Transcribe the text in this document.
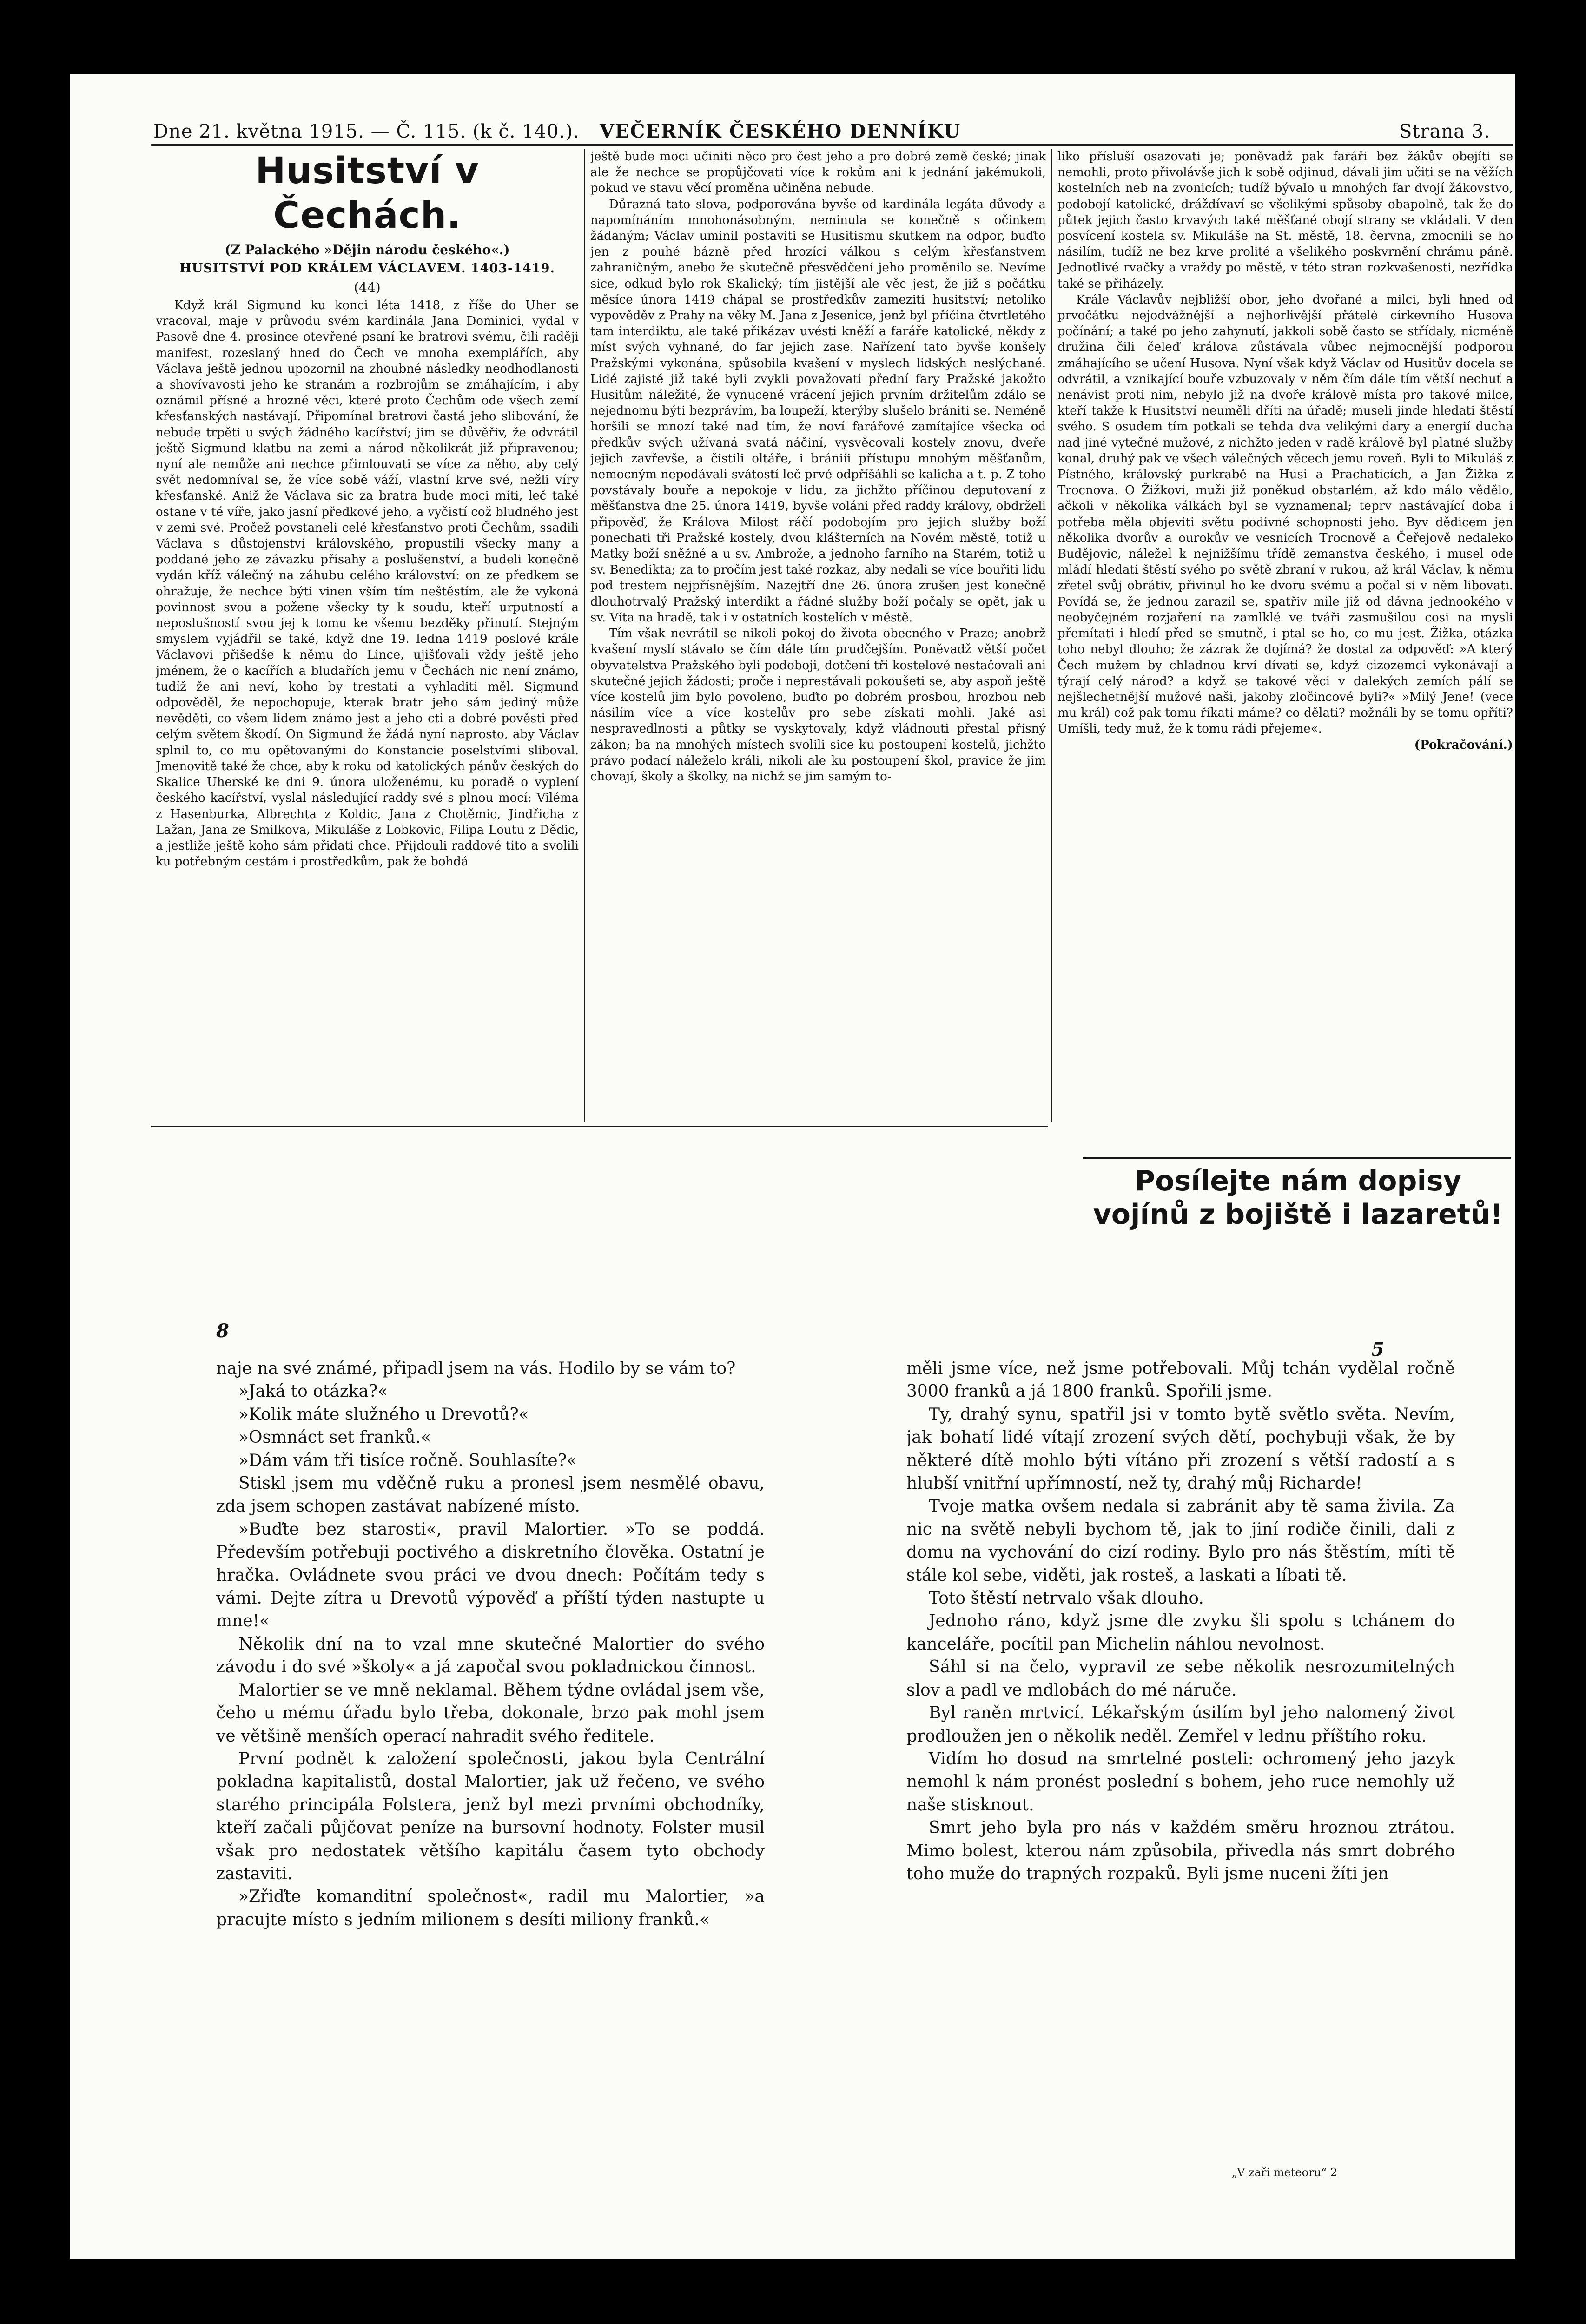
Dne 21. května 1915. — Č. 115. (k č. 140.). VEČERNÍK ČESKÉHO DENNÍKU	Strana 3.
Husitství v Čechách.

(Z Palackého »Dějin národu českého«.)

HUSITSTVÍ POD KRÁLEM VÁCLAVEM. 1403-1419.

(44)

Když král Sigmund ku konci léta 1418, z říše do Uher se vracoval, maje v průvodu svém kardinála Jana Dominici, vydal v Pasově dne 4. prosince otevřené psaní ke bratrovi svému, čili raději manifest, rozeslaný hned do Čech ve mnoha exemplářích, aby Václava ještě jednou upozornil na zhoubné následky neodhodlanosti a shovívavosti jeho ke stranám a rozbrojům se zmáhajícím, i aby oznámil přísné a hrozné věci, které proto Čechům ode všech zemí křesťanských nastávají. Připomínal bratrovi častá jeho slibování, že nebude trpěti u svých žádného kacířství; jim se důvěřiv, že odvrátil ještě Sigmund klatbu na zemi a národ několikrát již připravenou; nyní ale nemůže ani nechce přimlouvati se více za něho, aby celý svět nedomníval se, že více sobě váží, vlastní krve své, nežli víry křesťanské. Aniž že Václava sic za bratra bude moci míti, leč také ostane v té víře, jako jasní předkové jeho, a vyčistí což bludného jest v zemi své. Pročež povstaneli celé křesťanstvo proti Čechům, ssadili Václava s důstojenství královského, propustili všecky many a poddané jeho ze závazku přísahy a poslušenství, a budeli konečně vydán kříž válečný na záhubu celého království: on ze předkem se ohražuje, že nechce býti vinen vším tím neštěstím, ale že vykoná povinnost svou a požene všecky ty k soudu, kteří urputností a neposlušností svou jej k tomu ke všemu bezděky přinutí. Stejným smyslem vyjádřil se také, když dne 19. ledna 1419 poslové krále Václavovi přišedše k němu do Lince, ujišťovali vždy ještě jeho jménem, že o kacířích a bludařích jemu v Čechách nic není známo, tudíž že ani neví, koho by trestati a vyhladiti měl. Sigmund odpověděl, že nepochopuje, kterak bratr jeho sám jediný může nevěděti, co všem lidem známo jest a jeho cti a dobré pověsti před celým světem škodí. On Sigmund že žádá nyní naprosto, aby Václav splnil to, co mu opětovanými do Konstancie poselstvími sliboval. Jmenovitě také že chce, aby k roku od katolických pánův českých do Skalice Uherské ke dni 9. února uloženému, ku poradě o vyplení českého kacířství, vyslal následující raddy své s plnou mocí: Viléma z Hasenburka, Albrechta z Koldic, Jana z Chotěmic, Jindřicha z Lažan, Jana ze Smilkova, Mikuláše z Lobkovic, Filipa Loutu z Dědic, a jestliže ještě koho sám přidati chce. Přijdouli raddové tito a svolili ku potřebným cestám i prostředkům, pak že bohdá

ještě bude moci učiniti něco pro čest jeho a pro dobré země české; jinak ale že nechce se propůjčovati více k rokům ani k jednání jakémukoli, pokud ve stavu věcí proměna učiněna nebude.

Důrazná tato slova, podporována byvše od kardinála legáta důvody a napomínáním mnohonásobným, neminula se konečně s očinkem žádaným; Václav uminil postaviti se Husitismu skutkem na odpor, buďto jen z pouhé bázně před hrozící válkou s celým křesťanstvem zahraničným, anebo že skutečně přesvědčení jeho proměnilo se. Nevíme sice, odkud bylo rok Skalický; tím jistější ale věc jest, že již s počátku měsíce února 1419 chápal se prostředkův zameziti husitství; netoliko vypověděv z Prahy na věky M. Jana z Jesenice, jenž byl příčina čtvrtletého tam interdiktu, ale také přikázav uvésti kněží a faráře katolické, někdy z míst svých vyhnané, do far jejich zase. Nařízení tato byvše konšely Pražskými vykonána, spůsobila kvašení v myslech lidských neslýchané. Lidé zajisté již také byli zvykli považovati přední fary Pražské jakožto Husitům náležité, že vynucené vrácení jejich prvním držitelům zdálo se nejednomu býti bezprávím, ba loupeží, kterýby slušelo brániti se. Neméně horšili se mnozí také nad tím, že noví farářové zamítajíce všecka od předkův svých užívaná svatá náčiní, vysvěcovali kostely znovu, dveře jejich zavřevše, a čistili oltáře, i brániíi přístupu mnohým měšťanům, nemocným nepodávali svátostí leč prvé odpříšáhli se kalicha a t. p. Z toho povstávaly bouře a nepokoje v lidu, za jichžto příčinou deputovaní z měšťanstva dne 25. února 1419, byvše voláni před raddy královy, obdrželi připověď, že Králova Milost ráčí podobojím pro jejich služby boží ponechati tři Pražské kostely, dvou klášterních na Novém městě, totiž u Matky boží sněžné a u sv. Ambrože, a jednoho farního na Starém, totiž u sv. Benedikta; za to pročím jest také rozkaz, aby nedali se více bouřiti lidu pod trestem nejpřísnějším. Nazejtří dne 26. února zrušen jest konečně dlouhotrvalý Pražský interdikt a řádné služby boží počaly se opět, jak u sv. Víta na hradě, tak i v ostatních kostelích v městě.

Tím však nevrátil se nikoli pokoj do života obecného v Praze; anobrž kvašení myslí stávalo se čím dále tím prudčejším. Poněvadž větší počet obyvatelstva Pražského byli podoboji, dotčení tři kostelové nestačovali ani skutečné jejich žádosti; proče i neprestávali pokoušeti se, aby aspoň ještě více kostelů jim bylo povoleno, buďto po dobrém prosbou, hrozbou neb násilím více a více kostelův pro sebe získati mohli. Jaké asi nespravedlnosti a půtky se vyskytovaly, když vládnouti přestal přísný zákon; ba na mnohých místech svolili sice ku postoupení kostelů, jichžto právo podací náleželo králi, nikoli ale ku postoupení škol, pravice že jim chovají, školy a školky, na nichž se jim samým to-

liko přísluší osazovati je; poněvadž pak faráři bez žákův obejíti se nemohli, proto přivolávše jich k sobě odjinud, dávali jim učiti se na věžích kostelních neb na zvonicích; tudíž bývalo u mnohých far dvojí žákovstvo, podobojí katolické, dráždívaví se všelikými spůsoby obapolně, tak že do půtek jejich často krvavých také měšťané obojí strany se vkládali. V den posvícení kostela sv. Mikuláše na St. městě, 18. června, zmocnili se ho násilím, tudíž ne bez krve prolité a všelikého poskvrnění chrámu páně. Jednotlivé rvačky a vraždy po městě, v této stran rozkvašenosti, nezřídka také se přiházely.

Krále Václavův nejbližší obor, jeho dvořané a milci, byli hned od prvočátku nejodvážnější a nejhorlivější přátelé církevního Husova počínání; a také po jeho zahynutí, jakkoli sobě často se střídaly, nicméně družina čili čeleď králova zůstávala vůbec nejmocnější podporou zmáhajícího se učení Husova. Nyní však když Václav od Husitův docela se odvrátil, a vznikající bouře vzbuzovaly v něm čím dále tím větší nechuť a nenávist proti nim, nebylo již na dvoře králově místa pro takové milce, kteří takže k Husitství neuměli dříti na úřadě; museli jinde hledati štěstí svého. S osudem tím potkali se tehda dva velikými dary a energií ducha nad jiné vytečné mužové, z nichžto jeden v radě králově byl platné služby konal, druhý pak ve všech válečných věcech jemu roveň. Byli to Mikuláš z Pístného, královský purkrabě na Husi a Prachaticích, a Jan Žižka z Trocnova. O Žižkovi, muži již poněkud obstarlém, až kdo málo vědělo, ačkoli v několika válkách byl se vyznamenal; teprv nastávající doba i potřeba měla objeviti světu podivné schopnosti jeho. Byv dědicem jen několika dvorův a ourokův ve vesnicích Trocnově a Čeřejově nedaleko Budějovic, náležel k nejnižšímu třídě zemanstva českého, i musel ode mládí hledati štěstí svého po světě zbraní v rukou, až král Václav, k němu zřetel svůj obrátiv, přivinul ho ke dvoru svému a počal si v něm libovati. Povídá se, že jednou zarazil se, spatřiv mile již od dávna jednookého v neobyčejném rozjaření na zamlklé ve tváři zasmušilou cosi na mysli přemítati i hledí před se smutně, i ptal se ho, co mu jest. Žižka, otázka toho nebyl dlouho; že zázrak že dojímá? že dostal za odpověď: »A který Čech mužem by chladnou krví dívati se, když cizozemci vykonávají a týrají celý národ? a když se takové věci v dalekých zemích pálí se nejšlechetnější mužové naši, jakoby zločincové byli?« »Milý Jene! (vece mu král) což pak tomu říkati máme? co dělati? možnáli by se tomu opříti? Umíšli, tedy muž, že k tomu rádi přejeme«.

(Pokračování.)

Posílejte nám dopisy vojínů z bojiště i lazaretů!
8
5

naje na své známé, připadl jsem na vás. Hodilo by se vám to?

»Jaká to otázka?«

»Kolik máte služného u Drevotů?«

»Osmnáct set franků.«

»Dám vám tři tisíce ročně. Souhlasíte?«

Stiskl jsem mu vděčně ruku a pronesl jsem nesmělé obavu, zda jsem schopen zastávat nabízené místo.

»Buďte bez starosti«, pravil Malortier. »To se poddá. Především potřebuji poctivého a diskretního člověka. Ostatní je hračka. Ovládnete svou práci ve dvou dnech: Počítám tedy s vámi. Dejte zítra u Drevotů výpověď a příští týden nastupte u mne!«

Několik dní na to vzal mne skutečné Malortier do svého závodu i do své »školy« a já započal svou pokladnickou činnost.

Malortier se ve mně neklamal. Během týdne ovládal jsem vše, čeho u mému úřadu bylo třeba, dokonale, brzo pak mohl jsem ve většině menších operací nahradit svého ředitele.

První podnět k založení společnosti, jakou byla Centrální pokladna kapitalistů, dostal Malortier, jak už řečeno, ve svého starého principála Folstera, jenž byl mezi prvními obchodníky, kteří začali půjčovat peníze na bursovní hodnoty. Folster musil však pro nedostatek většího kapitálu časem tyto obchody zastaviti.

»Zřiďte komanditní společnost«, radil mu Malortier, »a pracujte místo s jedním milionem s desíti miliony franků.«

měli jsme více, než jsme potřebovali. Můj tchán vydělal ročně 3000 franků a já 1800 franků. Spořili jsme.

Ty, drahý synu, spatřil jsi v tomto bytě světlo světa. Nevím, jak bohatí lidé vítají zrození svých dětí, pochybuji však, že by některé dítě mohlo býti vítáno při zrození s větší radostí a s hlubší vnitřní upřímností, než ty, drahý můj Richarde!

Tvoje matka ovšem nedala si zabránit aby tě sama živila. Za nic na světě nebyli bychom tě, jak to jiní rodiče činili, dali z domu na vychování do cizí rodiny. Bylo pro nás štěstím, míti tě stále kol sebe, viděti, jak rosteš, a laskati a líbati tě.

Toto štěstí netrvalo však dlouho.

Jednoho ráno, když jsme dle zvyku šli spolu s tchánem do kanceláře, pocítil pan Michelin náhlou nevolnost.

Sáhl si na čelo, vypravil ze sebe několik nesrozumitelných slov a padl ve mdlobách do mé náruče.

Byl raněn mrtvicí. Lékařským úsilím byl jeho nalomený život prodloužen jen o několik neděl. Zemřel v lednu příštího roku.

Vidím ho dosud na smrtelné posteli: ochromený jeho jazyk nemohl k nám pronést poslední s bohem, jeho ruce nemohly už naše stisknout.

Smrt jeho byla pro nás v každém směru hroznou ztrátou. Mimo bolest, kterou nám způsobila, přivedla nás smrt dobrého toho muže do trapných rozpaků. Byli jsme nuceni žíti jen

„V zaři meteoru“ 2
